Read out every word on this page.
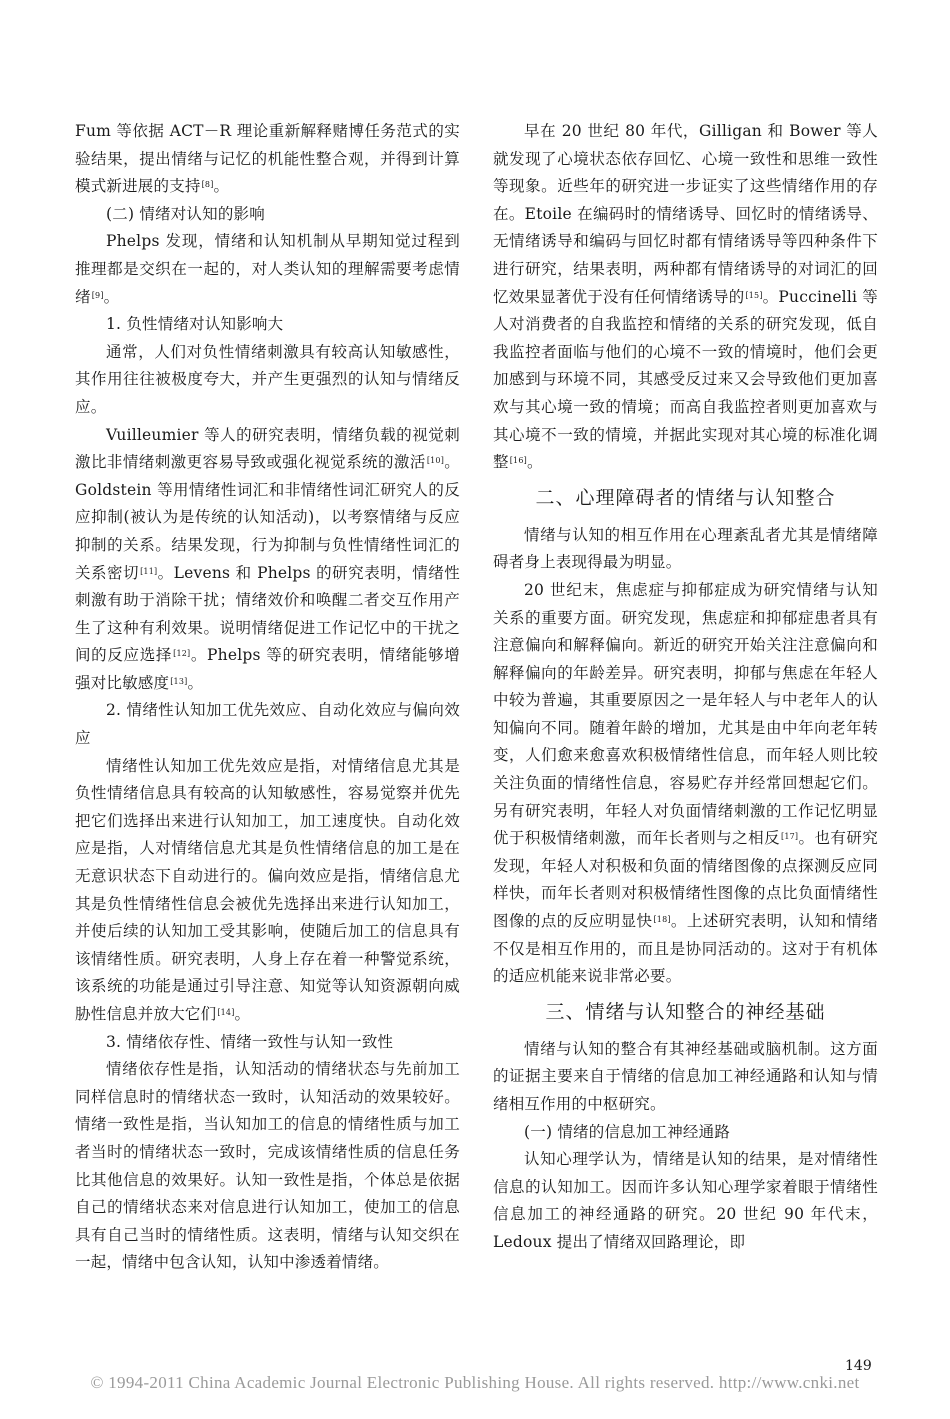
Fum 等依据 ACT－R 理论重新解释赌博任务范式的实验结果，提出情绪与记忆的机能性整合观，并得到计算模式新进展的支持[8]。

(二) 情绪对认知的影响

Phelps 发现，情绪和认知机制从早期知觉过程到推理都是交织在一起的，对人类认知的理解需要考虑情绪[9]。

1. 负性情绪对认知影响大

通常，人们对负性情绪刺激具有较高认知敏感性，其作用往往被极度夸大，并产生更强烈的认知与情绪反应。

Vuilleumier 等人的研究表明，情绪负载的视觉刺激比非情绪刺激更容易导致或强化视觉系统的激活[10]。Goldstein 等用情绪性词汇和非情绪性词汇研究人的反应抑制(被认为是传统的认知活动)，以考察情绪与反应抑制的关系。结果发现，行为抑制与负性情绪性词汇的关系密切[11]。Levens 和 Phelps 的研究表明，情绪性刺激有助于消除干扰；情绪效价和唤醒二者交互作用产生了这种有利效果。说明情绪促进工作记忆中的干扰之间的反应选择[12]。Phelps 等的研究表明，情绪能够增强对比敏感度[13]。

2. 情绪性认知加工优先效应、自动化效应与偏向效应

情绪性认知加工优先效应是指，对情绪信息尤其是负性情绪信息具有较高的认知敏感性，容易觉察并优先把它们选择出来进行认知加工，加工速度快。自动化效应是指，人对情绪信息尤其是负性情绪信息的加工是在无意识状态下自动进行的。偏向效应是指，情绪信息尤其是负性情绪性信息会被优先选择出来进行认知加工，并使后续的认知加工受其影响，使随后加工的信息具有该情绪性质。研究表明，人身上存在着一种警觉系统，该系统的功能是通过引导注意、知觉等认知资源朝向威胁性信息并放大它们[14]。

3. 情绪依存性、情绪一致性与认知一致性

情绪依存性是指，认知活动的情绪状态与先前加工同样信息时的情绪状态一致时，认知活动的效果较好。情绪一致性是指，当认知加工的信息的情绪性质与加工者当时的情绪状态一致时，完成该情绪性质的信息任务比其他信息的效果好。认知一致性是指，个体总是依据自己的情绪状态来对信息进行认知加工，使加工的信息具有自己当时的情绪性质。这表明，情绪与认知交织在一起，情绪中包含认知，认知中渗透着情绪。

早在 20 世纪 80 年代，Gilligan 和 Bower 等人就发现了心境状态依存回忆、心境一致性和思维一致性等现象。近些年的研究进一步证实了这些情绪作用的存在。Etoile 在编码时的情绪诱导、回忆时的情绪诱导、无情绪诱导和编码与回忆时都有情绪诱导等四种条件下进行研究，结果表明，两种都有情绪诱导的对词汇的回忆效果显著优于没有任何情绪诱导的[15]。Puccinelli 等人对消费者的自我监控和情绪的关系的研究发现，低自我监控者面临与他们的心境不一致的情境时，他们会更加感到与环境不同，其感受反过来又会导致他们更加喜欢与其心境一致的情境；而高自我监控者则更加喜欢与其心境不一致的情境，并据此实现对其心境的标准化调整[16]。

二、心理障碍者的情绪与认知整合

情绪与认知的相互作用在心理紊乱者尤其是情绪障碍者身上表现得最为明显。

20 世纪末，焦虑症与抑郁症成为研究情绪与认知关系的重要方面。研究发现，焦虑症和抑郁症患者具有注意偏向和解释偏向。新近的研究开始关注注意偏向和解释偏向的年龄差异。研究表明，抑郁与焦虑在年轻人中较为普遍，其重要原因之一是年轻人与中老年人的认知偏向不同。随着年龄的增加，尤其是由中年向老年转变，人们愈来愈喜欢积极情绪性信息，而年轻人则比较关注负面的情绪性信息，容易贮存并经常回想起它们。另有研究表明，年轻人对负面情绪刺激的工作记忆明显优于积极情绪刺激，而年长者则与之相反[17]。也有研究发现，年轻人对积极和负面的情绪图像的点探测反应同样快，而年长者则对积极情绪性图像的点比负面情绪性图像的点的反应明显快[18]。上述研究表明，认知和情绪不仅是相互作用的，而且是协同活动的。这对于有机体的适应机能来说非常必要。

三、情绪与认知整合的神经基础

情绪与认知的整合有其神经基础或脑机制。这方面的证据主要来自于情绪的信息加工神经通路和认知与情绪相互作用的中枢研究。

(一) 情绪的信息加工神经通路

认知心理学认为，情绪是认知的结果，是对情绪性信息的认知加工。因而许多认知心理学家着眼于情绪性信息加工的神经通路的研究。20 世纪 90 年代末，Ledoux 提出了情绪双回路理论，即

149
© 1994-2011 China Academic Journal Electronic Publishing House. All rights reserved. http://www.cnki.net
